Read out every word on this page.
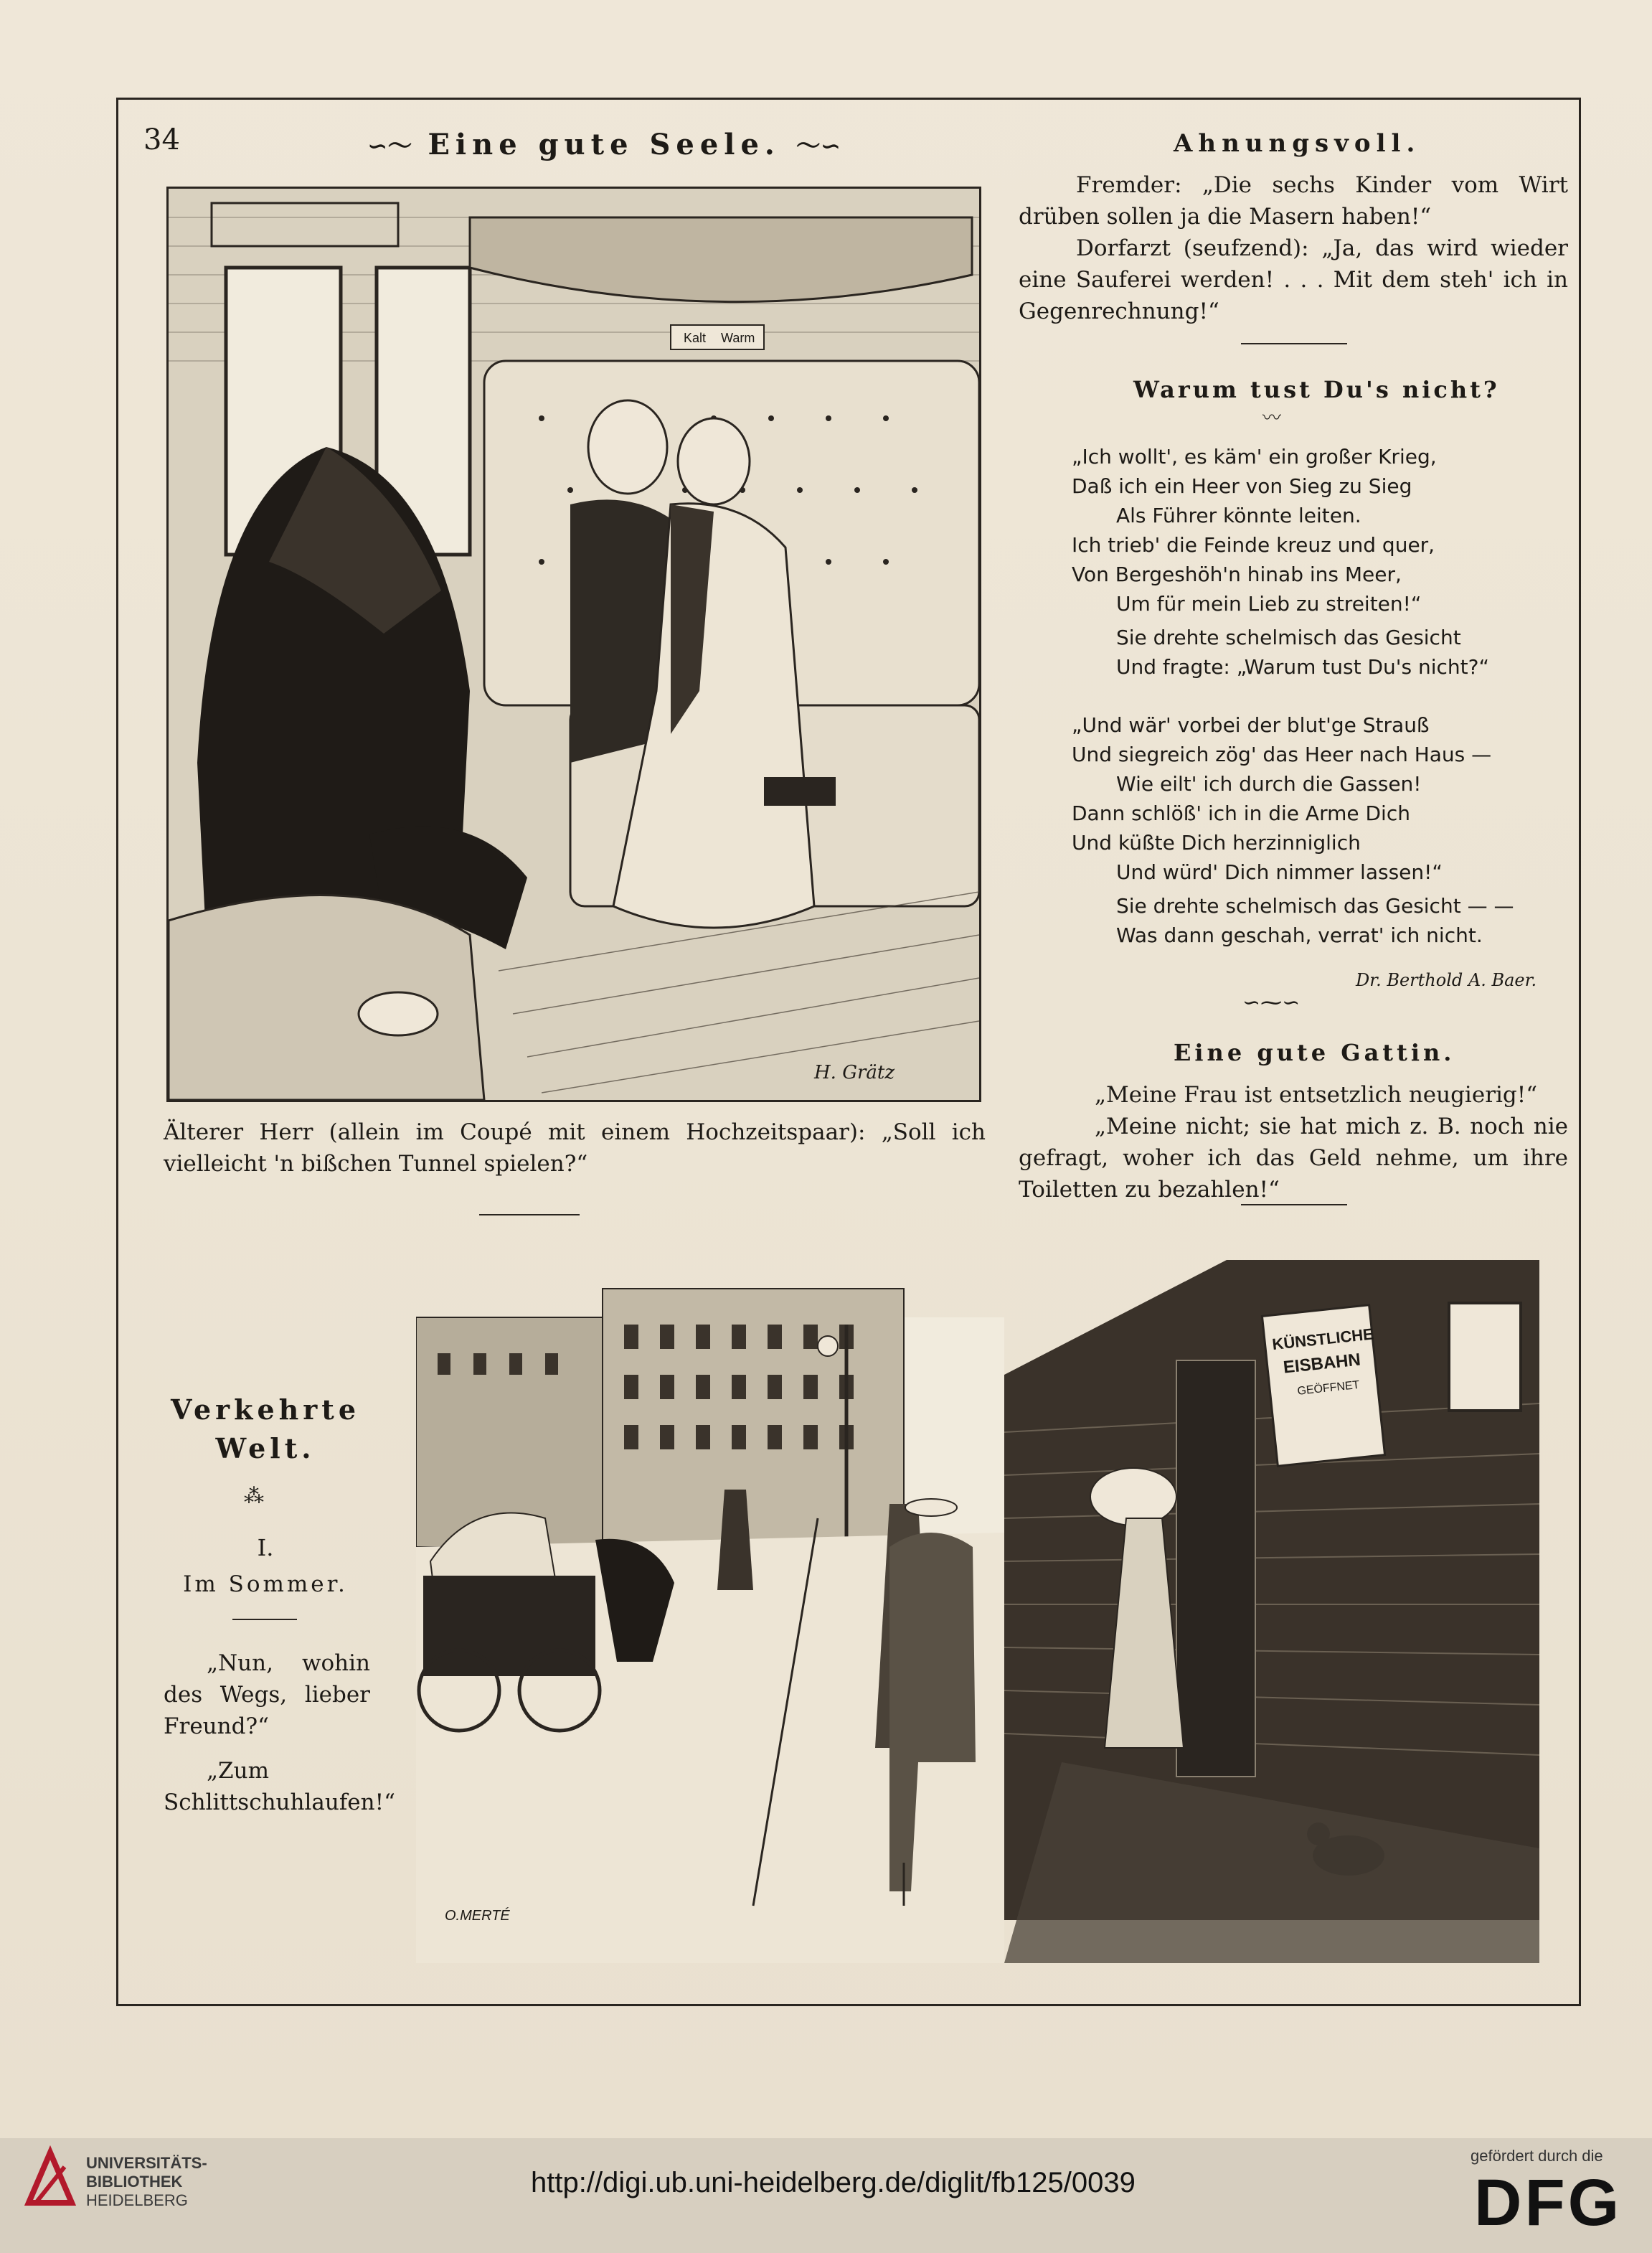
34	∽〜 Eine gute Seele. 〜∽
Kalt Warm
H. Grätz
Älterer Herr (allein im Coupé mit einem Hochzeitspaar): „Soll ich vielleicht 'n bißchen Tunnel spielen?“
Ahnungsvoll.
Fremder: „Die sechs Kinder vom Wirt drüben sollen ja die Masern haben!“
Dorfarzt (seufzend): „Ja, das wird wieder eine Sauferei werden! . . . Mit dem steh' ich in Gegenrechnung!“
Warum tust Du's nicht?
〰
„Ich wollt', es käm' ein großer Krieg,
Daß ich ein Heer von Sieg zu Sieg
Als Führer könnte leiten.
Ich trieb' die Feinde kreuz und quer,
Von Bergeshöh'n hinab ins Meer,
Um für mein Lieb zu streiten!“
Sie drehte schelmisch das Gesicht
Und fragte: „Warum tust Du's nicht?“
„Und wär' vorbei der blut'ge Strauß
Und siegreich zög' das Heer nach Haus —
Wie eilt' ich durch die Gassen!
Dann schlöß' ich in die Arme Dich
Und küßte Dich herzinniglich
Und würd' Dich nimmer lassen!“
Sie drehte schelmisch das Gesicht — —
Was dann geschah, verrat' ich nicht.
Dr. Berthold A. Baer.
∽⁓∽
Eine gute Gattin.
„Meine Frau ist entsetzlich neugierig!“
„Meine nicht; sie hat mich z. B. noch nie gefragt, woher ich das Geld nehme, um ihre Toiletten zu bezahlen!“
Verkehrte
Welt.
⁂
I.
Im Sommer.
„Nun, wohin des Wegs, lieber Freund?“
„Zum Schlittschuhlaufen!“
KÜNSTLICHE
EISBAHN
GEÖFFNET
O.MERTÉ
UNIVERSITÄTS-
BIBLIOTHEK
HEIDELBERG
http://digi.ub.uni-heidelberg.de/diglit/fb125/0039
gefördert durch die
DFG
